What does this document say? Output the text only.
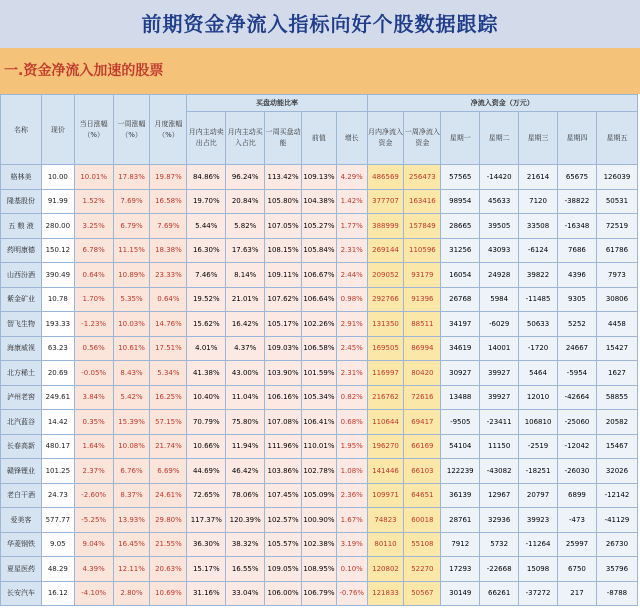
前期资金净流入指标向好个股数据跟踪
一.资金净流入加速的股票
名称	现价	当日涨幅（%）	一周涨幅（%）	月度涨幅（%）	买盘动能比率					净流入资金（万元）						
					月内主动卖出占比	月内主动买入占比	一周买盘动能	前值	增长	月内净流入资金	一周净流入资金	星期一	星期二	星期三	星期四	星期五
格林美	10.00	10.01%	17.83%	19.87%	84.86%	96.24%	113.42%	109.13%	4.29%	486569	256473	57565	-14420	21614	65675	126039
隆基股份	91.99	1.52%	7.69%	16.58%	19.70%	20.84%	105.80%	104.38%	1.42%	377707	163416	98954	45633	7120	-38822	50531
五 粮 液	280.00	3.25%	6.79%	7.69%	5.44%	5.82%	107.05%	105.27%	1.77%	388999	157849	28665	39505	33508	-16348	72519
药明康德	150.12	6.78%	11.15%	18.38%	16.30%	17.63%	108.15%	105.84%	2.31%	269144	110596	31256	43093	-6124	7686	61786
山西汾酒	390.49	0.64%	10.89%	23.33%	7.46%	8.14%	109.11%	106.67%	2.44%	209052	93179	16054	24928	39822	4396	7973
紫金矿业	10.78	1.70%	5.35%	0.64%	19.52%	21.01%	107.62%	106.64%	0.98%	292766	91396	26768	5984	-11485	9305	30806
智飞生物	193.33	-1.23%	10.03%	14.76%	15.62%	16.42%	105.17%	102.26%	2.91%	131350	88511	34197	-6029	50633	5252	4458
海康威视	63.23	0.56%	10.61%	17.51%	4.01%	4.37%	109.03%	106.58%	2.45%	169505	86994	34619	14001	-1720	24667	15427
北方稀土	20.69	-0.05%	8.43%	5.34%	41.38%	43.00%	103.90%	101.59%	2.31%	116997	80420	30927	39927	5464	-5954	1627
泸州老窖	249.61	3.84%	5.42%	16.25%	10.40%	11.04%	106.16%	105.34%	0.82%	216762	72616	13488	39927	12010	-42664	58855
北汽蓝谷	14.42	0.35%	15.39%	57.15%	70.79%	75.80%	107.08%	106.41%	0.68%	110644	69417	-9505	-23411	106810	-25060	20582
长春高新	480.17	1.64%	10.08%	21.74%	10.66%	11.94%	111.96%	110.01%	1.95%	196270	66169	54104	11150	-2519	-12042	15467
赣锋锂业	101.25	2.37%	6.76%	6.69%	44.69%	46.42%	103.86%	102.78%	1.08%	141446	66103	122239	-43082	-18251	-26030	32026
老白干酒	24.73	-2.60%	8.37%	24.61%	72.65%	78.06%	107.45%	105.09%	2.36%	109971	64651	36139	12967	20797	6899	-12142
爱美客	577.77	-5.25%	13.93%	29.80%	117.37%	120.39%	102.57%	100.90%	1.67%	74823	60018	28761	32936	39923	-473	-41129
华菱钢铁	9.05	9.04%	16.45%	21.55%	36.30%	38.32%	105.57%	102.38%	3.19%	80110	55108	7912	5732	-11264	25997	26730
夏星医药	48.29	4.39%	12.11%	20.63%	15.17%	16.55%	109.05%	108.95%	0.10%	120802	52270	17293	-22668	15098	6750	35796
长安汽车	16.12	-4.10%	2.80%	10.69%	31.16%	33.04%	106.00%	106.79%	-0.76%	121833	50567	30149	66261	-37272	217	-8788
